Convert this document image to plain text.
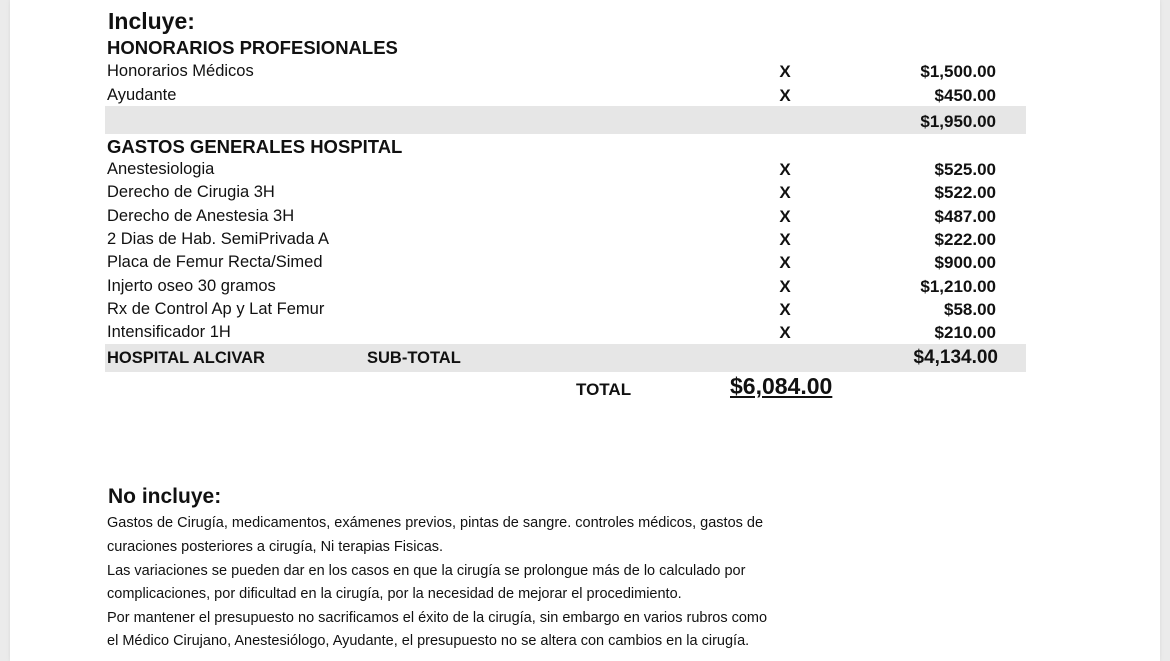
Incluye:
HONORARIOS PROFESIONALES
Honorarios Médicos	X	$1,500.00
Ayudante	X	$450.00
$1,950.00
GASTOS GENERALES HOSPITAL
Anestesiologia	X	$525.00
Derecho de Cirugia 3H	X	$522.00
Derecho de Anestesia 3H	X	$487.00
2 Dias de Hab. SemiPrivada A	X	$222.00
Placa de Femur Recta/Simed	X	$900.00
Injerto oseo 30 gramos	X	$1,210.00
Rx de Control Ap y Lat Femur	X	$58.00
Intensificador 1H	X	$210.00
HOSPITAL ALCIVAR	SUB-TOTAL	$4,134.00
TOTAL	$6,084.00
No incluye:
Gastos de Cirugía, medicamentos, exámenes previos, pintas de sangre. controles médicos, gastos de
curaciones posteriores a cirugía, Ni terapias Fisicas.
Las variaciones se pueden dar en los casos en que la cirugía se prolongue más de lo calculado por
complicaciones, por dificultad en la cirugía, por la necesidad de mejorar el procedimiento.
Por mantener el presupuesto no sacrificamos el éxito de la cirugía, sin embargo en varios rubros como
el Médico Cirujano, Anestesiólogo, Ayudante, el presupuesto no se altera con cambios en la cirugía.
